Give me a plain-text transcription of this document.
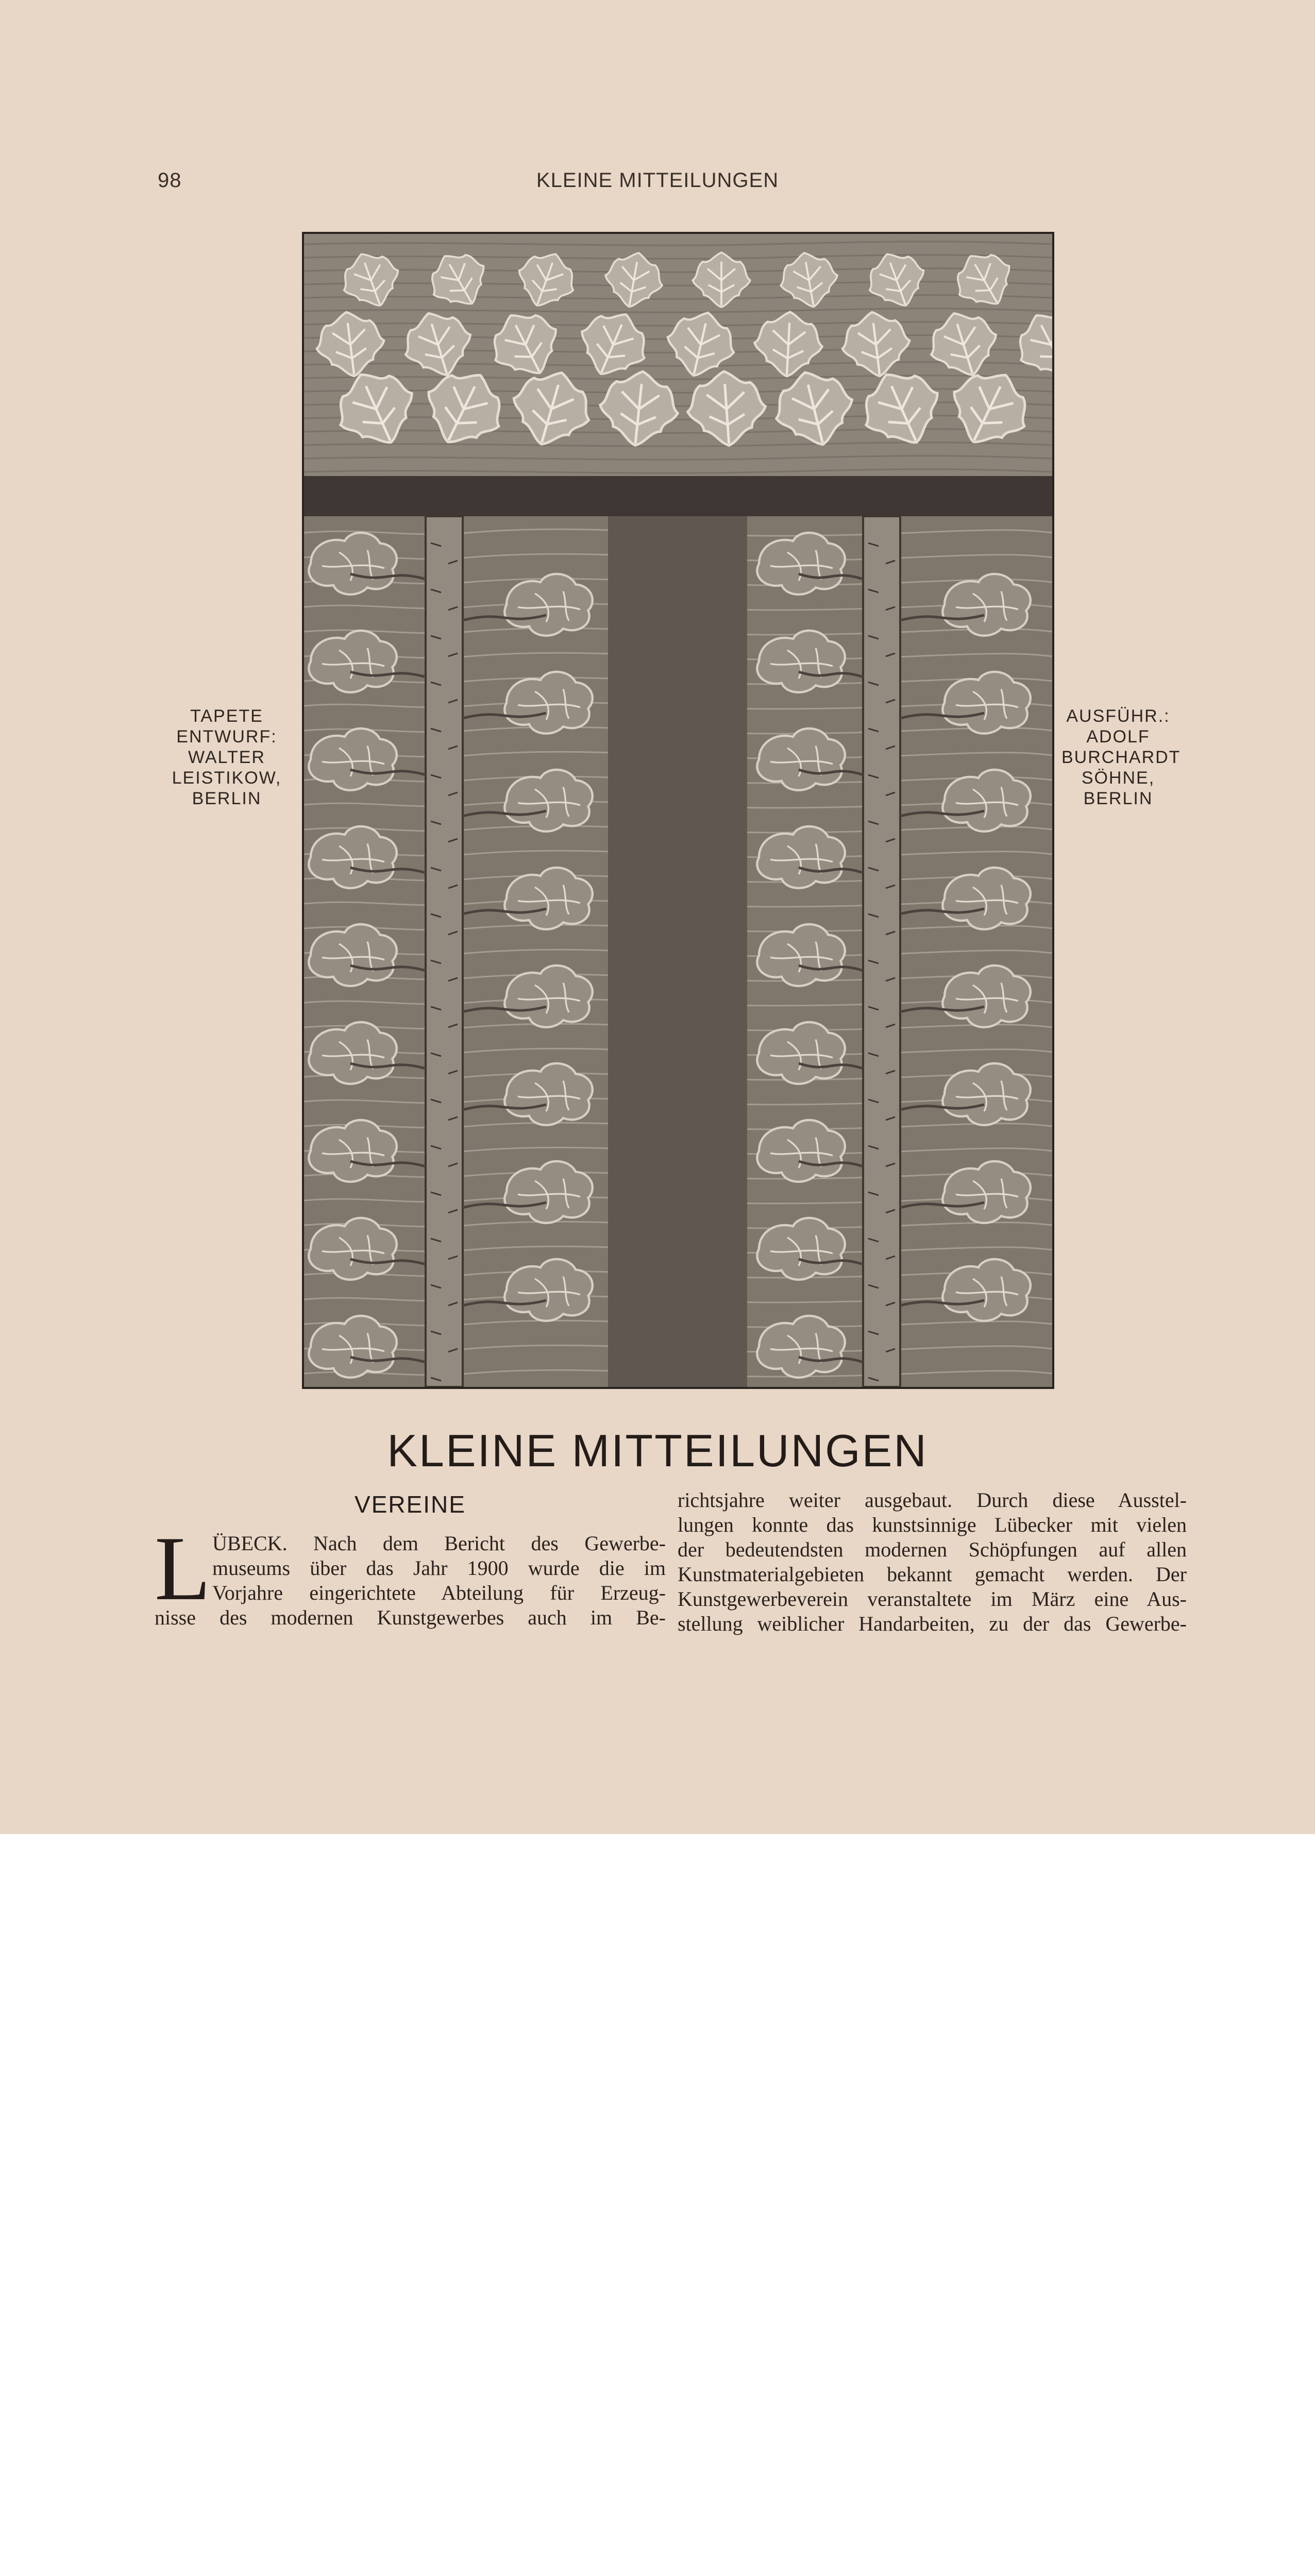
98	KLEINE MITTEILUNGEN
TAPETE
ENTWURF:
WALTER
LEISTIKOW,
BERLIN
AUSFÜHR.:
ADOLF
BURCHARDT
SÖHNE,
BERLIN
KLEINE MITTEILUNGEN
VEREINE
L ÜBECK. Nach dem Bericht des Gewerbe-
museums über das Jahr 1900 wurde die im
Vorjahre eingerichtete Abteilung für Erzeug-
nisse des modernen Kunstgewerbes auch im Be-
richtsjahre weiter ausgebaut. Durch diese Ausstel-
lungen konnte das kunstsinnige Lübecker mit vielen
der bedeutendsten modernen Schöpfungen auf allen
Kunstmaterialgebieten bekannt gemacht werden. Der
Kunstgewerbeverein veranstaltete im März eine Aus-
stellung weiblicher Handarbeiten, zu der das Gewerbe-
